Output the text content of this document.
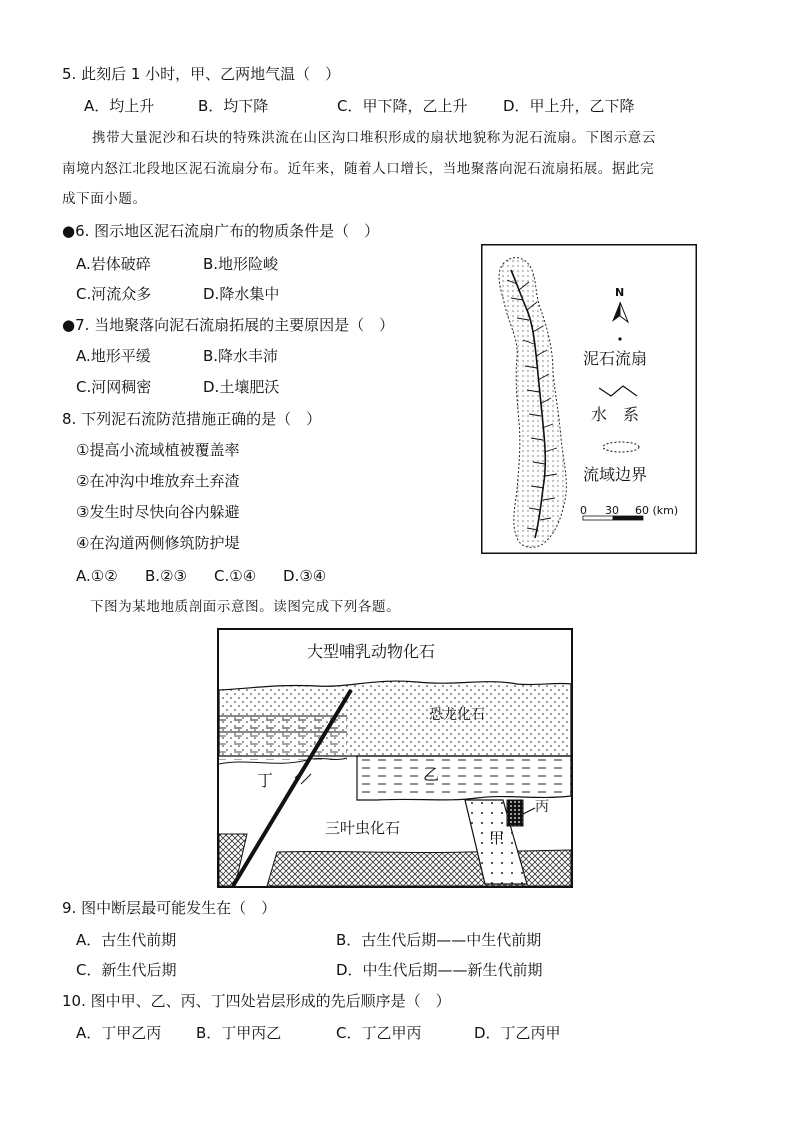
5. 此刻后 1 小时，甲、乙两地气温（　）
A．均上升	B．均下降	C．甲下降，乙上升 D．甲上升，乙下降
携带大量泥沙和石块的特殊洪流在山区沟口堆积形成的扇状地貌称为泥石流扇。下图示意云
南境内怒江北段地区泥石流扇分布。近年来，随着人口增长，当地聚落向泥石流扇拓展。据此完
成下面小题。
●6. 图示地区泥石流扇广布的物质条件是（　）
A.岩体破碎	B.地形险峻
C.河流众多	D.降水集中
●7. 当地聚落向泥石流扇拓展的主要原因是（　）
A.地形平缓	B.降水丰沛
C.河网稠密	D.土壤肥沃
8. 下列泥石流防范措施正确的是（　）
①提高小流域植被覆盖率
②在冲沟中堆放弃土弃渣
③发生时尽快向谷内躲避
④在沟道两侧修筑防护堤
A.①② B.②③ C.①④ D.③④
N
泥石流扇
水　系
流域边界
0 30 60 (km)
下图为某地地质剖面示意图。读图完成下列各题。
大型哺乳动物化石
恐龙化石
乙
三叶虫化石
甲
丙
丁
9. 图中断层最可能发生在（　）
A．古生代前期	B．古生代后期——中生代前期
C．新生代后期	D．中生代后期——新生代前期
10. 图中甲、乙、丙、丁四处岩层形成的先后顺序是（　）
A．丁甲乙丙 B．丁甲丙乙	C．丁乙甲丙	D．丁乙丙甲
